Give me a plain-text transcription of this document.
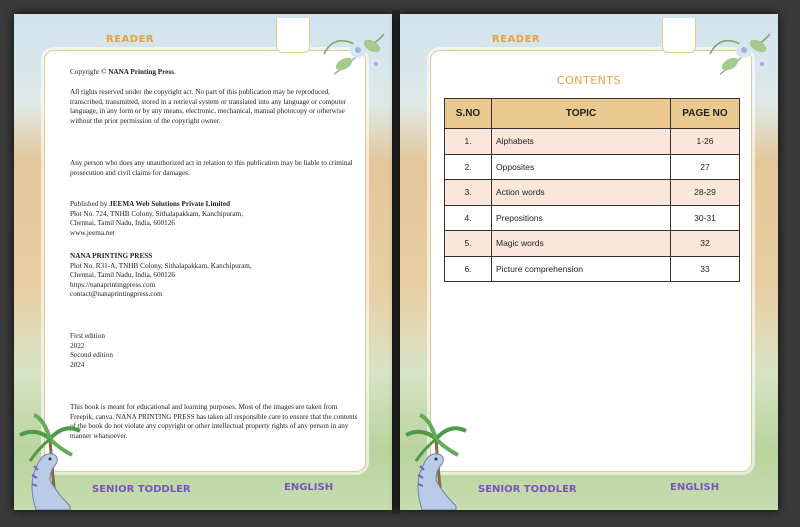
READER

Copyright © NANA Printing Press.

All rights reserved under the copyright act. No part of this publication may be reproduced, transcribed, transmitted, stored in a retrieval system or translated into any language or computer language, in any form or by any means, electronic, mechanical, manual photocopy or otherwise without the prior permission of the copyright owner.
Any person who does any unauthorized act in relation to this publication may be liable to criminal prosecution and civil claims for damages.
Published by JEEMA Web Solutions Private Limited
Plot No. 724, TNHB Colony, Sithalapakkam, Kanchipuram,
Chennai, Tamil Nadu, India, 600126
www.jeema.net
NANA PRINTING PRESS
Plot No. R31-A, TNHB Colony, Sithalapakkam, Kanchipuram,
Chennai, Tamil Nadu, India, 600126
https://nanaprintingpress.com
contact@nanaprintingpress.com
First edition
2022
Second edition
2024
This book is meant for educational and learning purposes. Most of the images are taken from Freepik, canva. NANA PRINTING PRESS has taken all responsible care to ensure that the contents of the book do not violate any copyright or other intellectual property rights of any person in any manner whatsoever.
SENIOR TODDLER	ENGLISH
READER
CONTENTS
S.NO	TOPIC	PAGE NO
1.	Alphabets	1-26
2.	Opposites	27
3.	Action words	28-29
4.	Prepositions	30-31
5.	Magic words	32
6.	Picture comprehension	33
SENIOR TODDLER	ENGLISH
